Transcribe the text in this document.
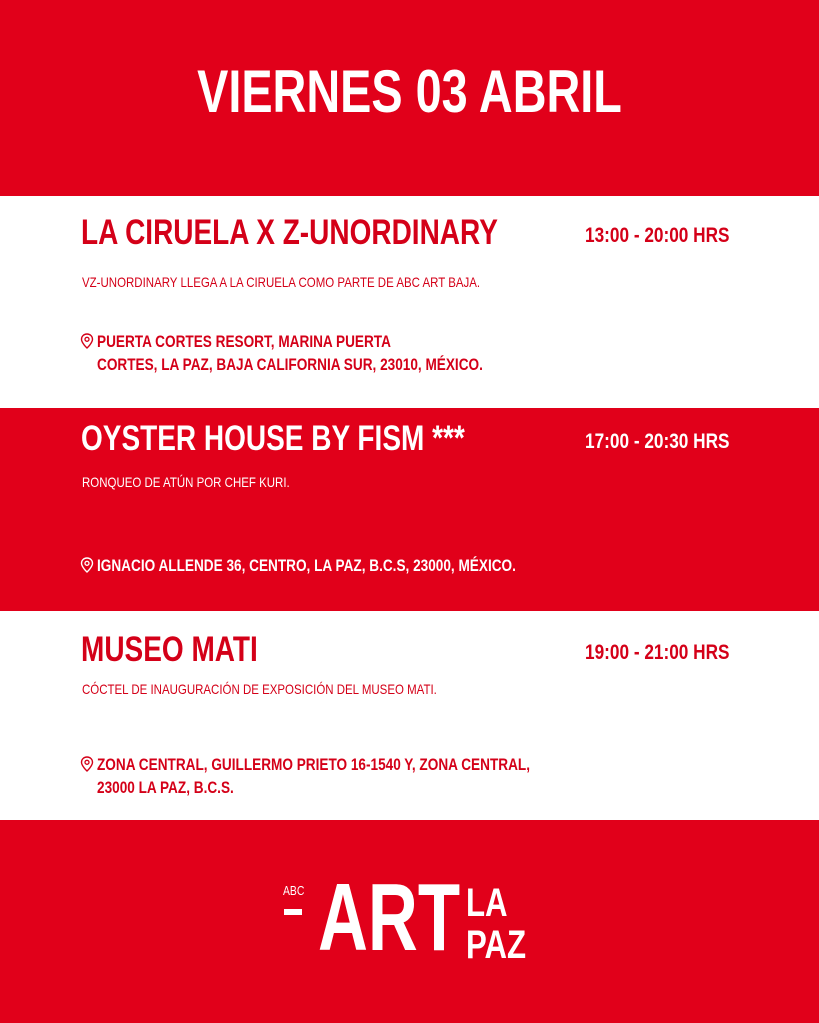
VIERNES 03 ABRIL
LA CIRUELA X Z-UNORDINARY	13:00 - 20:00 HRS
VZ-UNORDINARY LLEGA A LA CIRUELA COMO PARTE DE ABC ART BAJA.
PUERTA CORTES RESORT, MARINA PUERTA
CORTES, LA PAZ, BAJA CALIFORNIA SUR, 23010, MÉXICO.
OYSTER HOUSE BY FISM ***	17:00 - 20:30 HRS
RONQUEO DE ATÚN POR CHEF KURI.
IGNACIO ALLENDE 36, CENTRO, LA PAZ, B.C.S, 23000, MÉXICO.
MUSEO MATI	19:00 - 21:00 HRS
CÓCTEL DE INAUGURACIÓN DE EXPOSICIÓN DEL MUSEO MATI.
ZONA CENTRAL, GUILLERMO PRIETO 16-1540 Y, ZONA CENTRAL,
23000 LA PAZ, B.C.S.
ABC ART LA
PAZ
